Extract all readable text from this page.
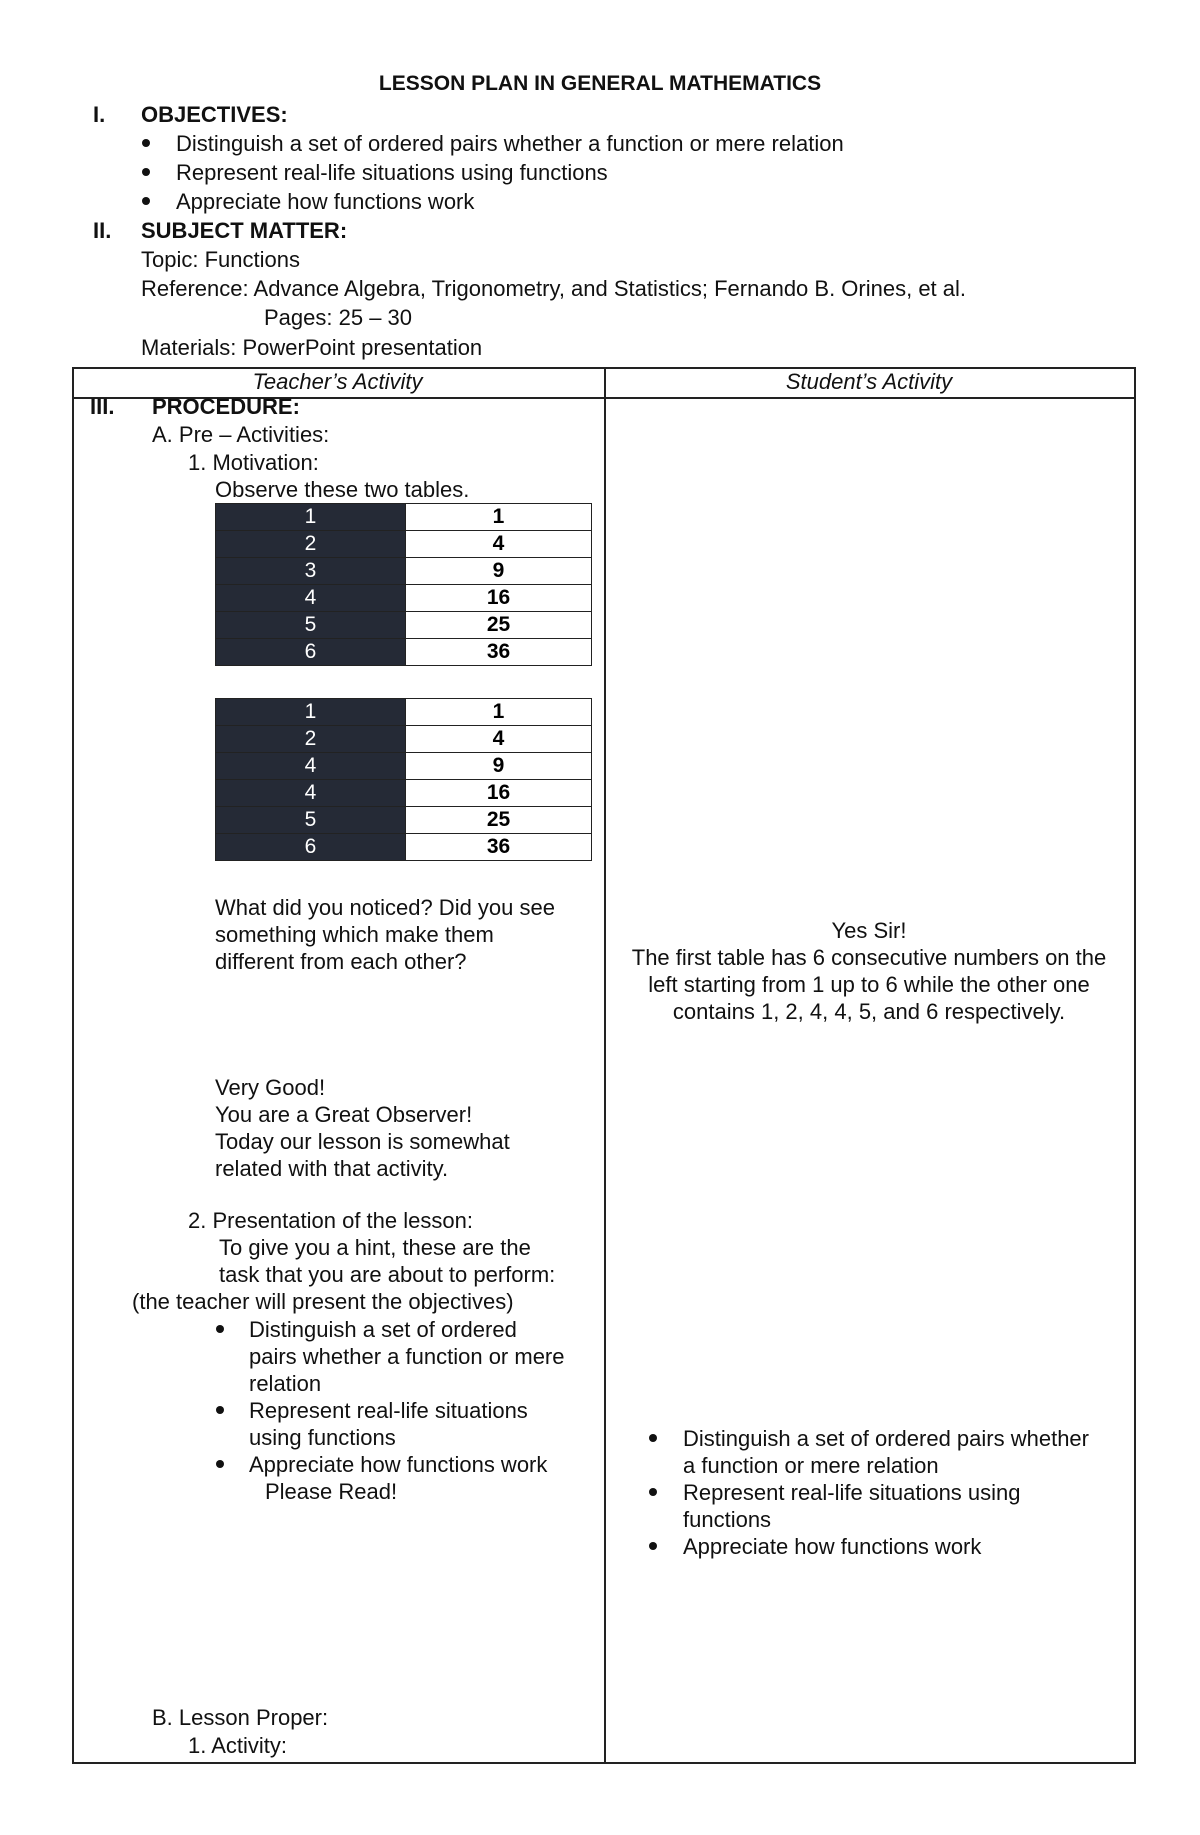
LESSON PLAN IN GENERAL MATHEMATICS
I. OBJECTIVES:
Distinguish a set of ordered pairs whether a function or mere relation
Represent real-life situations using functions
Appreciate how functions work
II. SUBJECT MATTER:
Topic: Functions
Reference: Advance Algebra, Trigonometry, and Statistics; Fernando B. Orines, et al.
Pages: 25 – 30
Materials: PowerPoint presentation
Teacher’s Activity	Student’s Activity
III. PROCEDURE:
A. Pre – Activities:
1. Motivation:
Observe these two tables.
1	1
2	4
3	9
4	16
5	25
6	36
1	1
2	4
4	9
4	16
5	25
6	36
What did you noticed? Did you see
something which make them
different from each other?
Yes Sir!
The first table has 6 consecutive numbers on the
left starting from 1 up to 6 while the other one
contains 1, 2, 4, 4, 5, and 6 respectively.
Very Good!
You are a Great Observer!
Today our lesson is somewhat
related with that activity.
2. Presentation of the lesson:
To give you a hint, these are the
task that you are about to perform:
(the teacher will present the objectives)
Distinguish a set of ordered
pairs whether a function or mere
relation
Represent real-life situations
using functions
Appreciate how functions work
Please Read!
Distinguish a set of ordered pairs whether
a function or mere relation
Represent real-life situations using
functions
Appreciate how functions work
B. Lesson Proper:
1. Activity:
